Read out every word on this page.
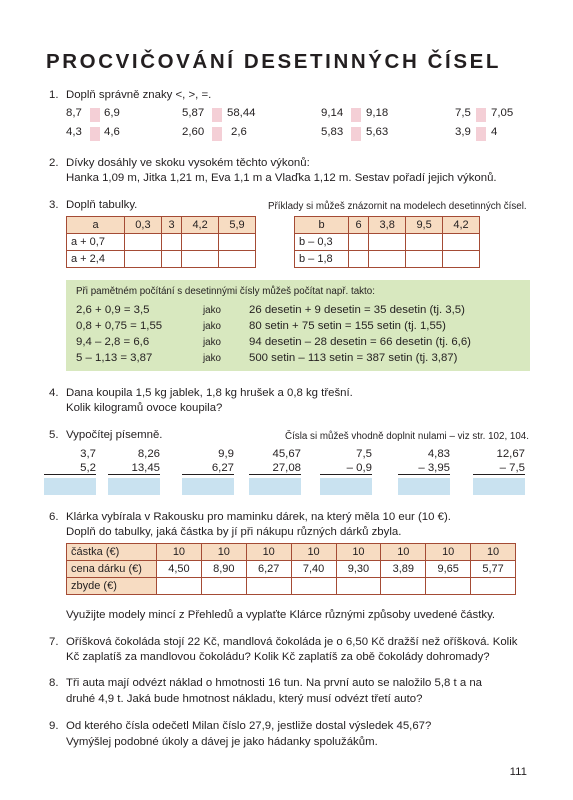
PROCVIČOVÁNÍ DESETINNÝCH ČÍSEL
1. Doplň správně znaky <, >, =.
8,7 6,9	5,87 58,44	9,14 9,18	7,5 7,05
4,3 4,6	2,60 2,6	5,83 5,63	3,9 4
2. Dívky dosáhly ve skoku vysokém těchto výkonů:
Hanka 1,09 m, Jitka 1,21 m, Eva 1,1 m a Vlaďka 1,12 m. Sestav pořadí jejich výkonů.
3. Doplň tabulky.	Příklady si můžeš znázornit na modelech desetinných čísel.
a	0,3	3	4,2	5,9
a + 0,7				
a + 2,4				
b	6	3,8	9,5	4,2
b – 0,3				
b – 1,8				
Při pamětném počítání s desetinnými čísly můžeš počítat např. takto:
2,6 + 0,9 = 3,5	jako 26 desetin + 9 desetin = 35 desetin (tj. 3,5)
0,8 + 0,75 = 1,55	jako 80 setin + 75 setin = 155 setin (tj. 1,55)
9,4 – 2,8 = 6,6	jako 94 desetin – 28 desetin = 66 desetin (tj. 6,6)
5 – 1,13 = 3,87	jako 500 setin – 113 setin = 387 setin (tj. 3,87)
4. Dana koupila 1,5 kg jablek, 1,8 kg hrušek a 0,8 kg třešní.
Kolik kilogramů ovoce koupila?
5. Vypočítej písemně.	Čísla si můžeš vhodně doplnit nulami – viz str. 102, 104.
3,7
5,2
8,26
13,45
9,9
6,27
45,67
27,08
7,5
– 0,9
4,83
– 3,95
12,67
– 7,5
6. Klárka vybírala v Rakousku pro maminku dárek, na který měla 10 eur (10 €).
Doplň do tabulky, jaká částka by jí při nákupu různých dárků zbyla.
částka (€)	10	10	10	10	10	10	10	10
cena dárku (€)	4,50	8,90	6,27	7,40	9,30	3,89	9,65	5,77
zbyde (€)								
Využijte modely mincí z Přehledů a vyplaťte Klárce různými způsoby uvedené částky.
7. Oříšková čokoláda stojí 22 Kč, mandlová čokoláda je o 6,50 Kč dražší než oříšková. Kolik
Kč zaplatíš za mandlovou čokoládu? Kolik Kč zaplatíš za obě čokolády dohromady?
8. Tři auta mají odvézt náklad o hmotnosti 16 tun. Na první auto se naložilo 5,8 t a na
druhé 4,9 t. Jaká bude hmotnost nákladu, který musí odvézt třetí auto?
9. Od kterého čísla odečetl Milan číslo 27,9, jestliže dostal výsledek 45,67?
Vymýšlej podobné úkoly a dávej je jako hádanky spolužákům.
111
